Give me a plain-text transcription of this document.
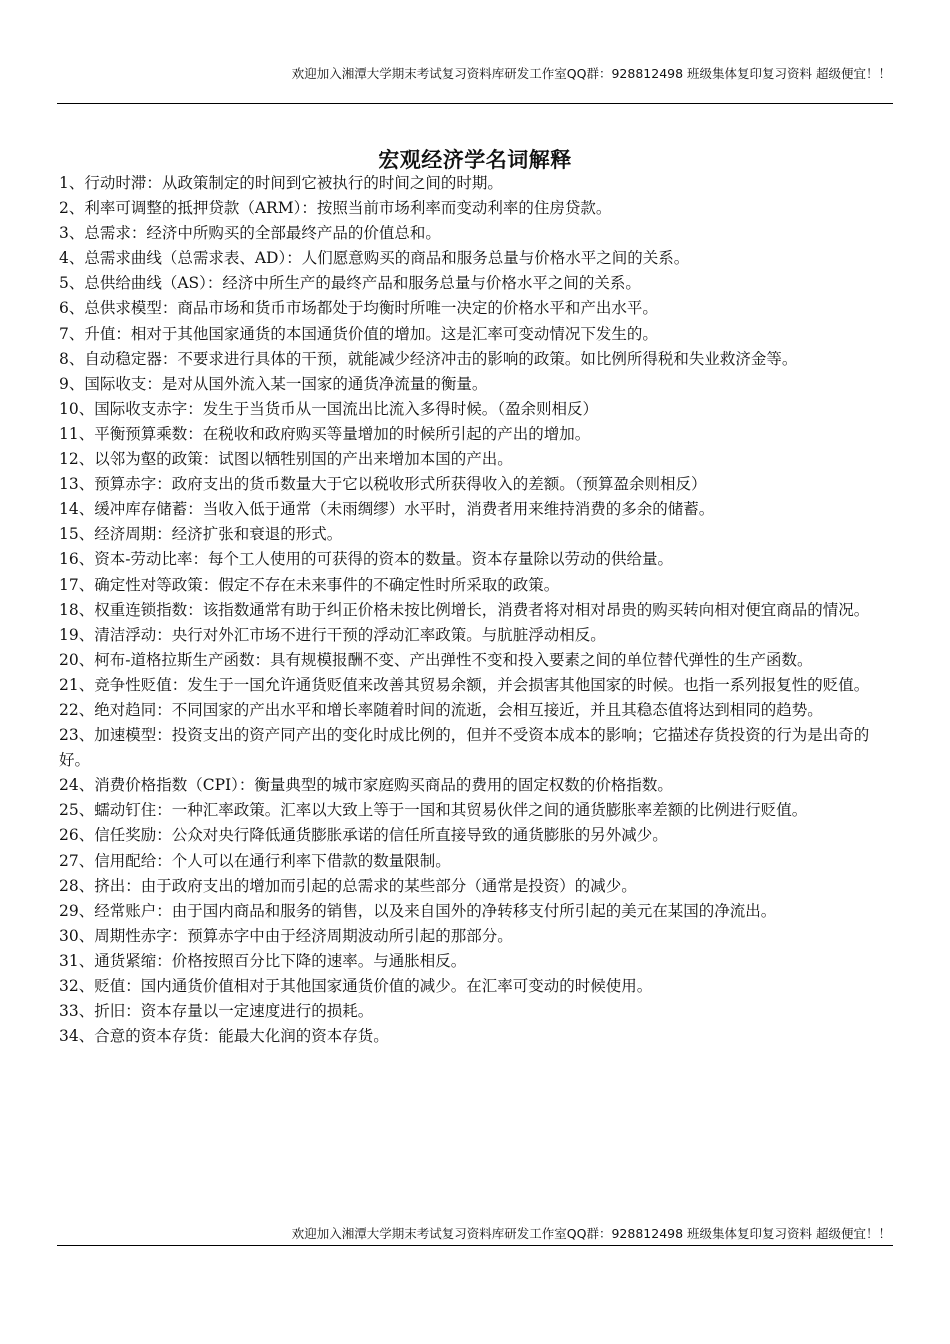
欢迎加入湘潭大学期末考试复习资料库研发工作室QQ群：928812498 班级集体复印复习资料 超级便宜！！
宏观经济学名词解释

1、行动时滞：从政策制定的时间到它被执行的时间之间的时期。

2、利率可调整的抵押贷款（ARM）：按照当前市场利率而变动利率的住房贷款。

3、总需求：经济中所购买的全部最终产品的价值总和。

4、总需求曲线（总需求表、AD）：人们愿意购买的商品和服务总量与价格水平之间的关系。

5、总供给曲线（AS）：经济中所生产的最终产品和服务总量与价格水平之间的关系。

6、总供求模型：商品市场和货币市场都处于均衡时所唯一决定的价格水平和产出水平。

7、升值：相对于其他国家通货的本国通货价值的增加。这是汇率可变动情况下发生的。

8、自动稳定器：不要求进行具体的干预，就能减少经济冲击的影响的政策。如比例所得税和失业救济金等。

9、国际收支：是对从国外流入某一国家的通货净流量的衡量。

10、国际收支赤字：发生于当货币从一国流出比流入多得时候。（盈余则相反）

11、平衡预算乘数：在税收和政府购买等量增加的时候所引起的产出的增加。

12、以邻为壑的政策：试图以牺牲别国的产出来增加本国的产出。

13、预算赤字：政府支出的货币数量大于它以税收形式所获得收入的差额。（预算盈余则相反）

14、缓冲库存储蓄：当收入低于通常（未雨绸缪）水平时，消费者用来维持消费的多余的储蓄。

15、经济周期：经济扩张和衰退的形式。

16、资本-劳动比率：每个工人使用的可获得的资本的数量。资本存量除以劳动的供给量。

17、确定性对等政策：假定不存在未来事件的不确定性时所采取的政策。

18、权重连锁指数：该指数通常有助于纠正价格未按比例增长，消费者将对相对昂贵的购买转向相对便宜商品的情况。

19、清洁浮动：央行对外汇市场不进行干预的浮动汇率政策。与肮脏浮动相反。

20、柯布-道格拉斯生产函数：具有规模报酬不变、产出弹性不变和投入要素之间的单位替代弹性的生产函数。

21、竞争性贬值：发生于一国允许通货贬值来改善其贸易余额，并会损害其他国家的时候。也指一系列报复性的贬值。

22、绝对趋同：不同国家的产出水平和增长率随着时间的流逝，会相互接近，并且其稳态值将达到相同的趋势。

23、加速模型：投资支出的资产同产出的变化时成比例的，但并不受资本成本的影响；它描述存货投资的行为是出奇的好。

24、消费价格指数（CPI）：衡量典型的城市家庭购买商品的费用的固定权数的价格指数。

25、蠕动钉住：一种汇率政策。汇率以大致上等于一国和其贸易伙伴之间的通货膨胀率差额的比例进行贬值。

26、信任奖励：公众对央行降低通货膨胀承诺的信任所直接导致的通货膨胀的另外减少。

27、信用配给：个人可以在通行利率下借款的数量限制。

28、挤出：由于政府支出的增加而引起的总需求的某些部分（通常是投资）的减少。

29、经常账户：由于国内商品和服务的销售，以及来自国外的净转移支付所引起的美元在某国的净流出。

30、周期性赤字：预算赤字中由于经济周期波动所引起的那部分。

31、通货紧缩：价格按照百分比下降的速率。与通胀相反。

32、贬值：国内通货价值相对于其他国家通货价值的减少。在汇率可变动的时候使用。

33、折旧：资本存量以一定速度进行的损耗。

34、合意的资本存货：能最大化润的资本存货。

欢迎加入湘潭大学期末考试复习资料库研发工作室QQ群：928812498 班级集体复印复习资料 超级便宜！！
